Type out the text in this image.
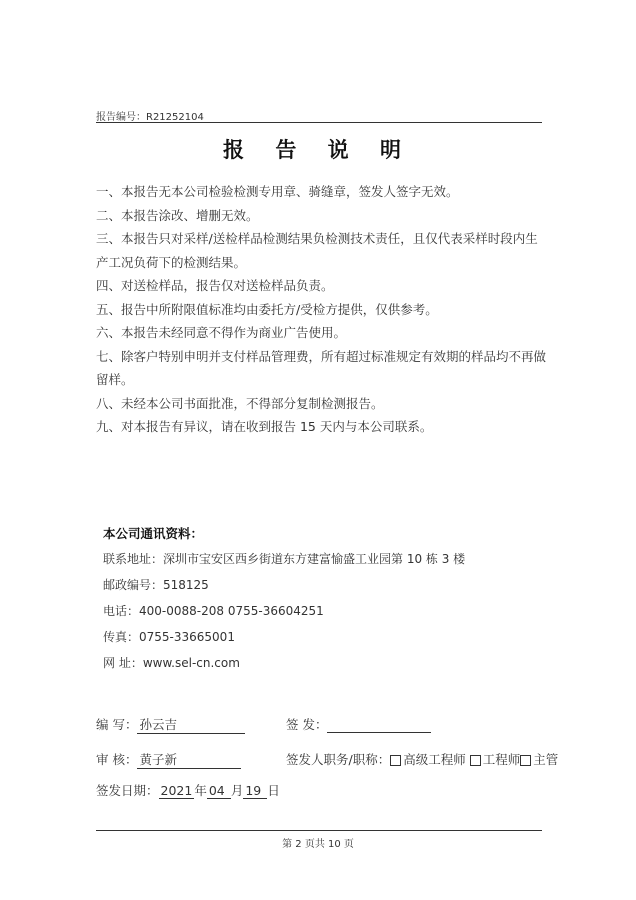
报告编号：R21252104
报 告 说 明

一、本报告无本公司检验检测专用章、骑缝章，签发人签字无效。

二、本报告涂改、增删无效。

三、本报告只对采样/送检样品检测结果负检测技术责任，且仅代表采样时段内生产工况负荷下的检测结果。

四、对送检样品，报告仅对送检样品负责。

五、报告中所附限值标准均由委托方/受检方提供，仅供参考。

六、本报告未经同意不得作为商业广告使用。

七、除客户特别申明并支付样品管理费，所有超过标准规定有效期的样品均不再做留样。

八、未经本公司书面批准，不得部分复制检测报告。

九、对本报告有异议，请在收到报告 15 天内与本公司联系。

本公司通讯资料：
联系地址：深圳市宝安区西乡街道东方建富愉盛工业园第 10 栋 3 楼
邮政编号：518125
电话：400-0088-208 0755-36604251
传真：0755-33665001
网 址：www.sel-cn.com
编 写： 孙云吉	签 发：
审 核： 黄子新	签发人职务/职称： 高级工程师 工程师 主管
签发日期： 2021 年 04 月 19 日
第 2 页共 10 页
